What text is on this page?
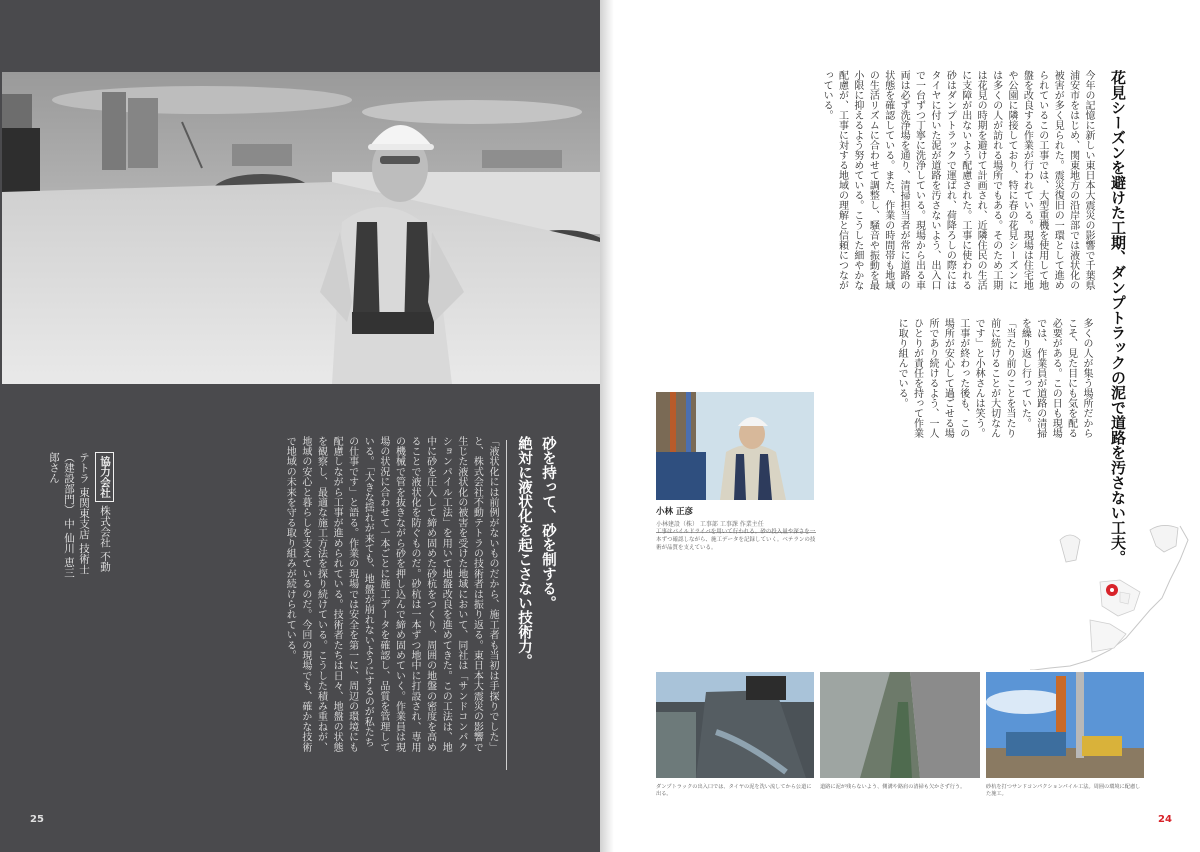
砂を持って、砂を制する。
絶対に液状化を起こさない技術力。
「液状化には前例がないものだから、施工者も当初は手探りでした」と、株式会社不動テトラの技術者は振り返る。東日本大震災の影響で生じた液状化の被害を受けた地域において、同社は「サンドコンパクションパイル工法」を用いて地盤改良を進めてきた。この工法は、地中に砂を圧入して締め固めた砂杭をつくり、周囲の地盤の密度を高めることで液状化を防ぐものだ。砂杭は一本ずつ地中に打設され、専用の機械で管を抜きながら砂を押し込んで締め固めていく。作業員は現場の状況に合わせて一本ごとに施工データを確認し、品質を管理している。「大きな揺れが来ても、地盤が崩れないようにするのが私たちの仕事です」と語る。作業の現場では安全を第一に、周辺の環境にも配慮しながら工事が進められている。技術者たちは日々、地盤の状態を観察し、最適な施工方法を探り続けている。こうした積み重ねが、地域の安心と暮らしを支えているのだ。今回の現場でも、確かな技術で地域の未来を守る取り組みが続けられている。
協力会社 株式会社 不動テトラ 東関東支店 技術士（建設部門） 中 仙川 恵三郎さん
25
花見シーズンを避けた工期、ダンプトラックの泥で道路を汚さない工夫。
今年の記憶に新しい東日本大震災の影響で千葉県浦安市をはじめ、関東地方の沿岸部では液状化の被害が多く見られた。震災復旧の一環として進められているこの工事では、大型重機を使用して地盤を改良する作業が行われている。現場は住宅地や公園に隣接しており、特に春の花見シーズンには多くの人が訪れる場所でもある。そのため工期は花見の時期を避けて計画され、近隣住民の生活に支障が出ないよう配慮された。工事に使われる砂はダンプトラックで運ばれ、荷降ろしの際にはタイヤに付いた泥が道路を汚さないよう、出入口で一台ずつ丁寧に洗浄している。現場から出る車両は必ず洗浄場を通り、清掃担当者が常に道路の状態を確認している。また、作業の時間帯も地域の生活リズムに合わせて調整し、騒音や振動を最小限に抑えるよう努めている。こうした細やかな配慮が、工事に対する地域の理解と信頼につながっている。
多くの人が集う場所だからこそ、見た目にも気を配る必要がある。この日も現場では、作業員が道路の清掃を繰り返し行っていた。「当たり前のことを当たり前に続けることが大切なんです」と小林さんは笑う。工事が終わった後も、この場所が安心して過ごせる場所であり続けるよう、一人ひとりが責任を持って作業に取り組んでいる。
小林 正彦
小林建設（株） 工事部 工事課 作業主任
工事はパイルドライバを用いて行われる。砂の投入量や深さを一本ずつ確認しながら、施工データを記録していく。ベテランの技術が品質を支えている。
ダンプトラックの出入口では、タイヤの泥を洗い流してから公道に出る。
道路に泥が残らないよう、側溝や路肩の清掃も欠かさず行う。	砂杭を打つサンドコンパクションパイル工法。周囲の環境に配慮した施工。
24
